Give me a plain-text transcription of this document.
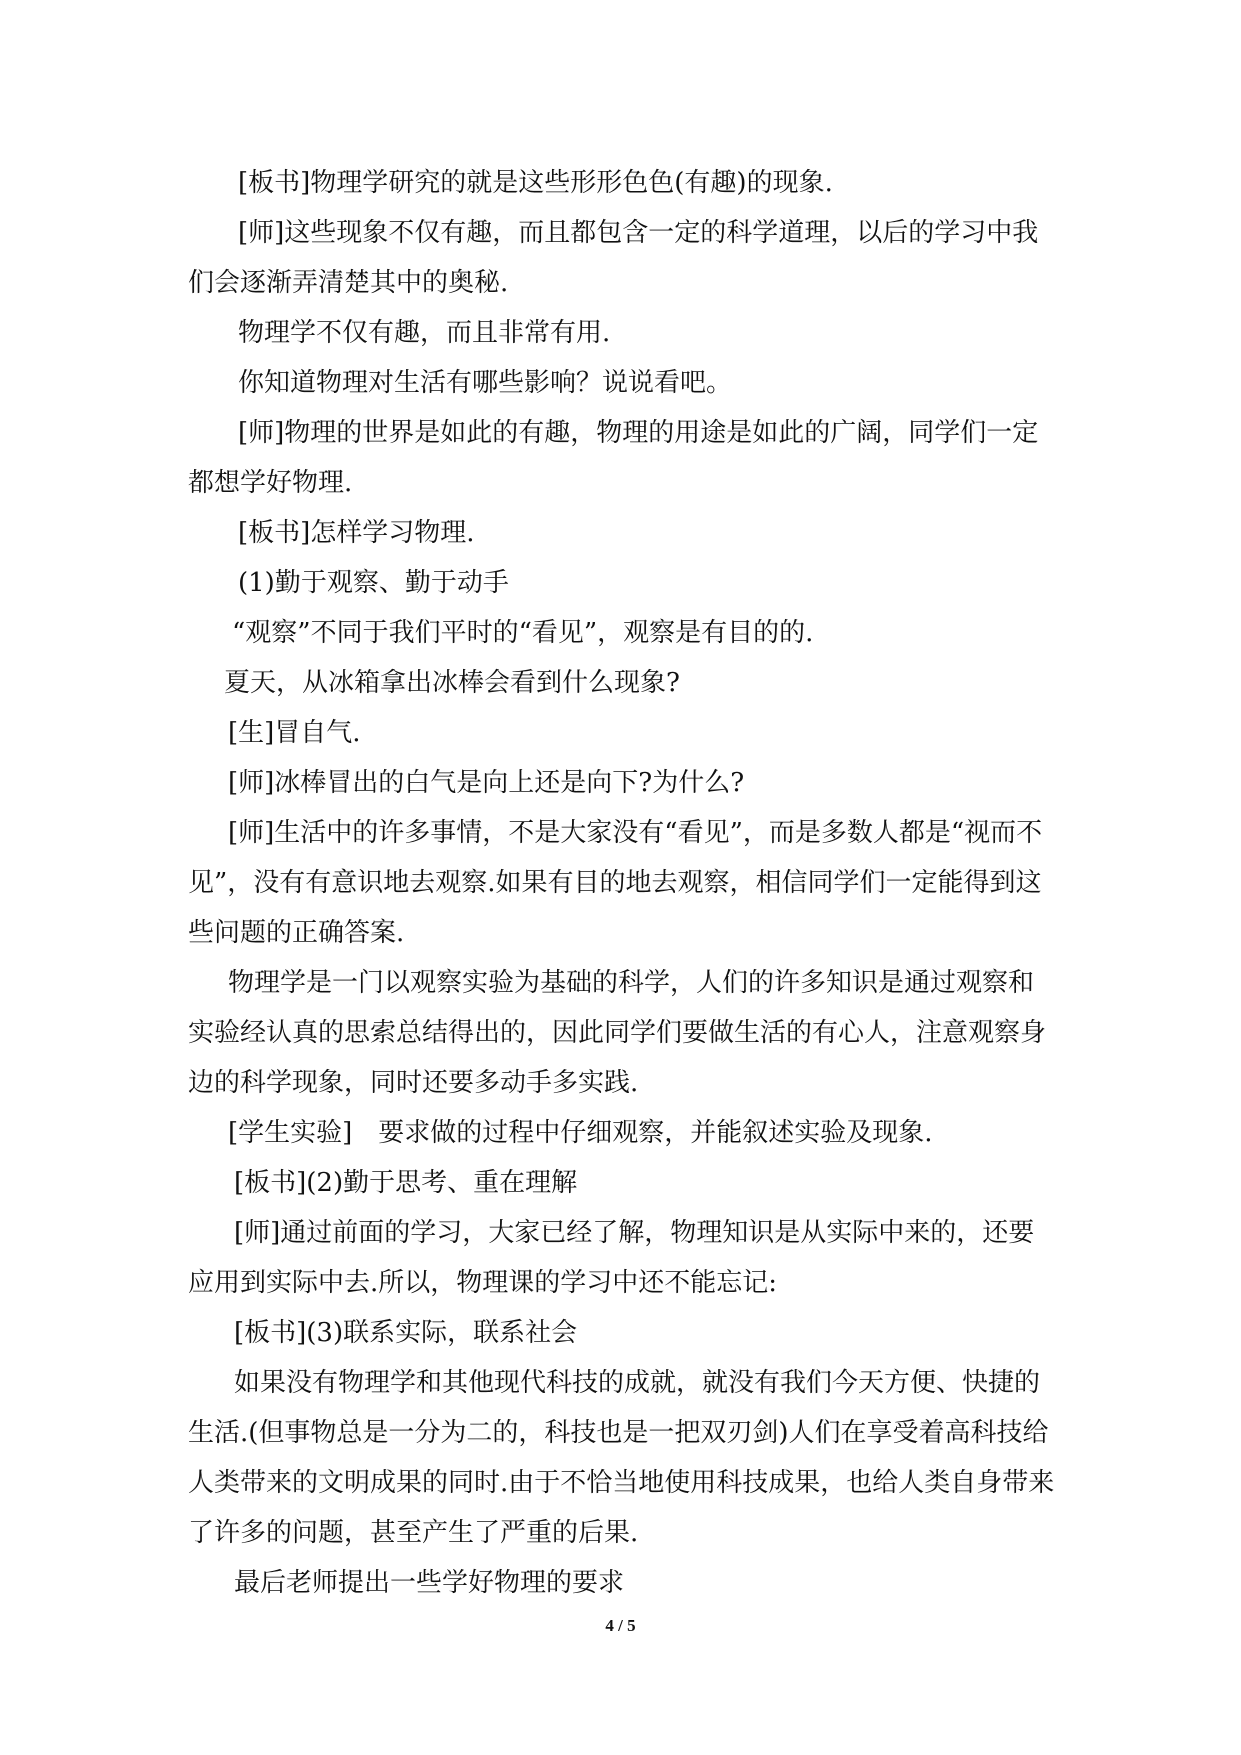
[板书]物理学研究的就是这些形形色色(有趣)的现象.

[师]这些现象不仅有趣，而且都包含一定的科学道理，以后的学习中我们会逐渐弄清楚其中的奥秘.

物理学不仅有趣，而且非常有用.

你知道物理对生活有哪些影响？说说看吧。

[师]物理的世界是如此的有趣，物理的用途是如此的广阔，同学们一定都想学好物理.

[板书]怎样学习物理.

(1)勤于观察、勤于动手

“观察”不同于我们平时的“看见”，观察是有目的的.

夏天，从冰箱拿出冰棒会看到什么现象?

[生]冒自气.

[师]冰棒冒出的白气是向上还是向下?为什么?

[师]生活中的许多事情，不是大家没有“看见”，而是多数人都是“视而不见”，没有有意识地去观察.如果有目的地去观察，相信同学们一定能得到这些问题的正确答案.

物理学是一门以观察实验为基础的科学，人们的许多知识是通过观察和实验经认真的思索总结得出的，因此同学们要做生活的有心人，注意观察身边的科学现象，同时还要多动手多实践.

[学生实验]　要求做的过程中仔细观察，并能叙述实验及现象.

[板书](2)勤于思考、重在理解

[师]通过前面的学习，大家已经了解，物理知识是从实际中来的，还要应用到实际中去.所以，物理课的学习中还不能忘记:

[板书](3)联系实际，联系社会

如果没有物理学和其他现代科技的成就，就没有我们今天方便、快捷的生活.(但事物总是一分为二的，科技也是一把双刃剑)人们在享受着高科技给人类带来的文明成果的同时.由于不恰当地使用科技成果，也给人类自身带来了许多的问题，甚至产生了严重的后果.

最后老师提出一些学好物理的要求

4 / 5
